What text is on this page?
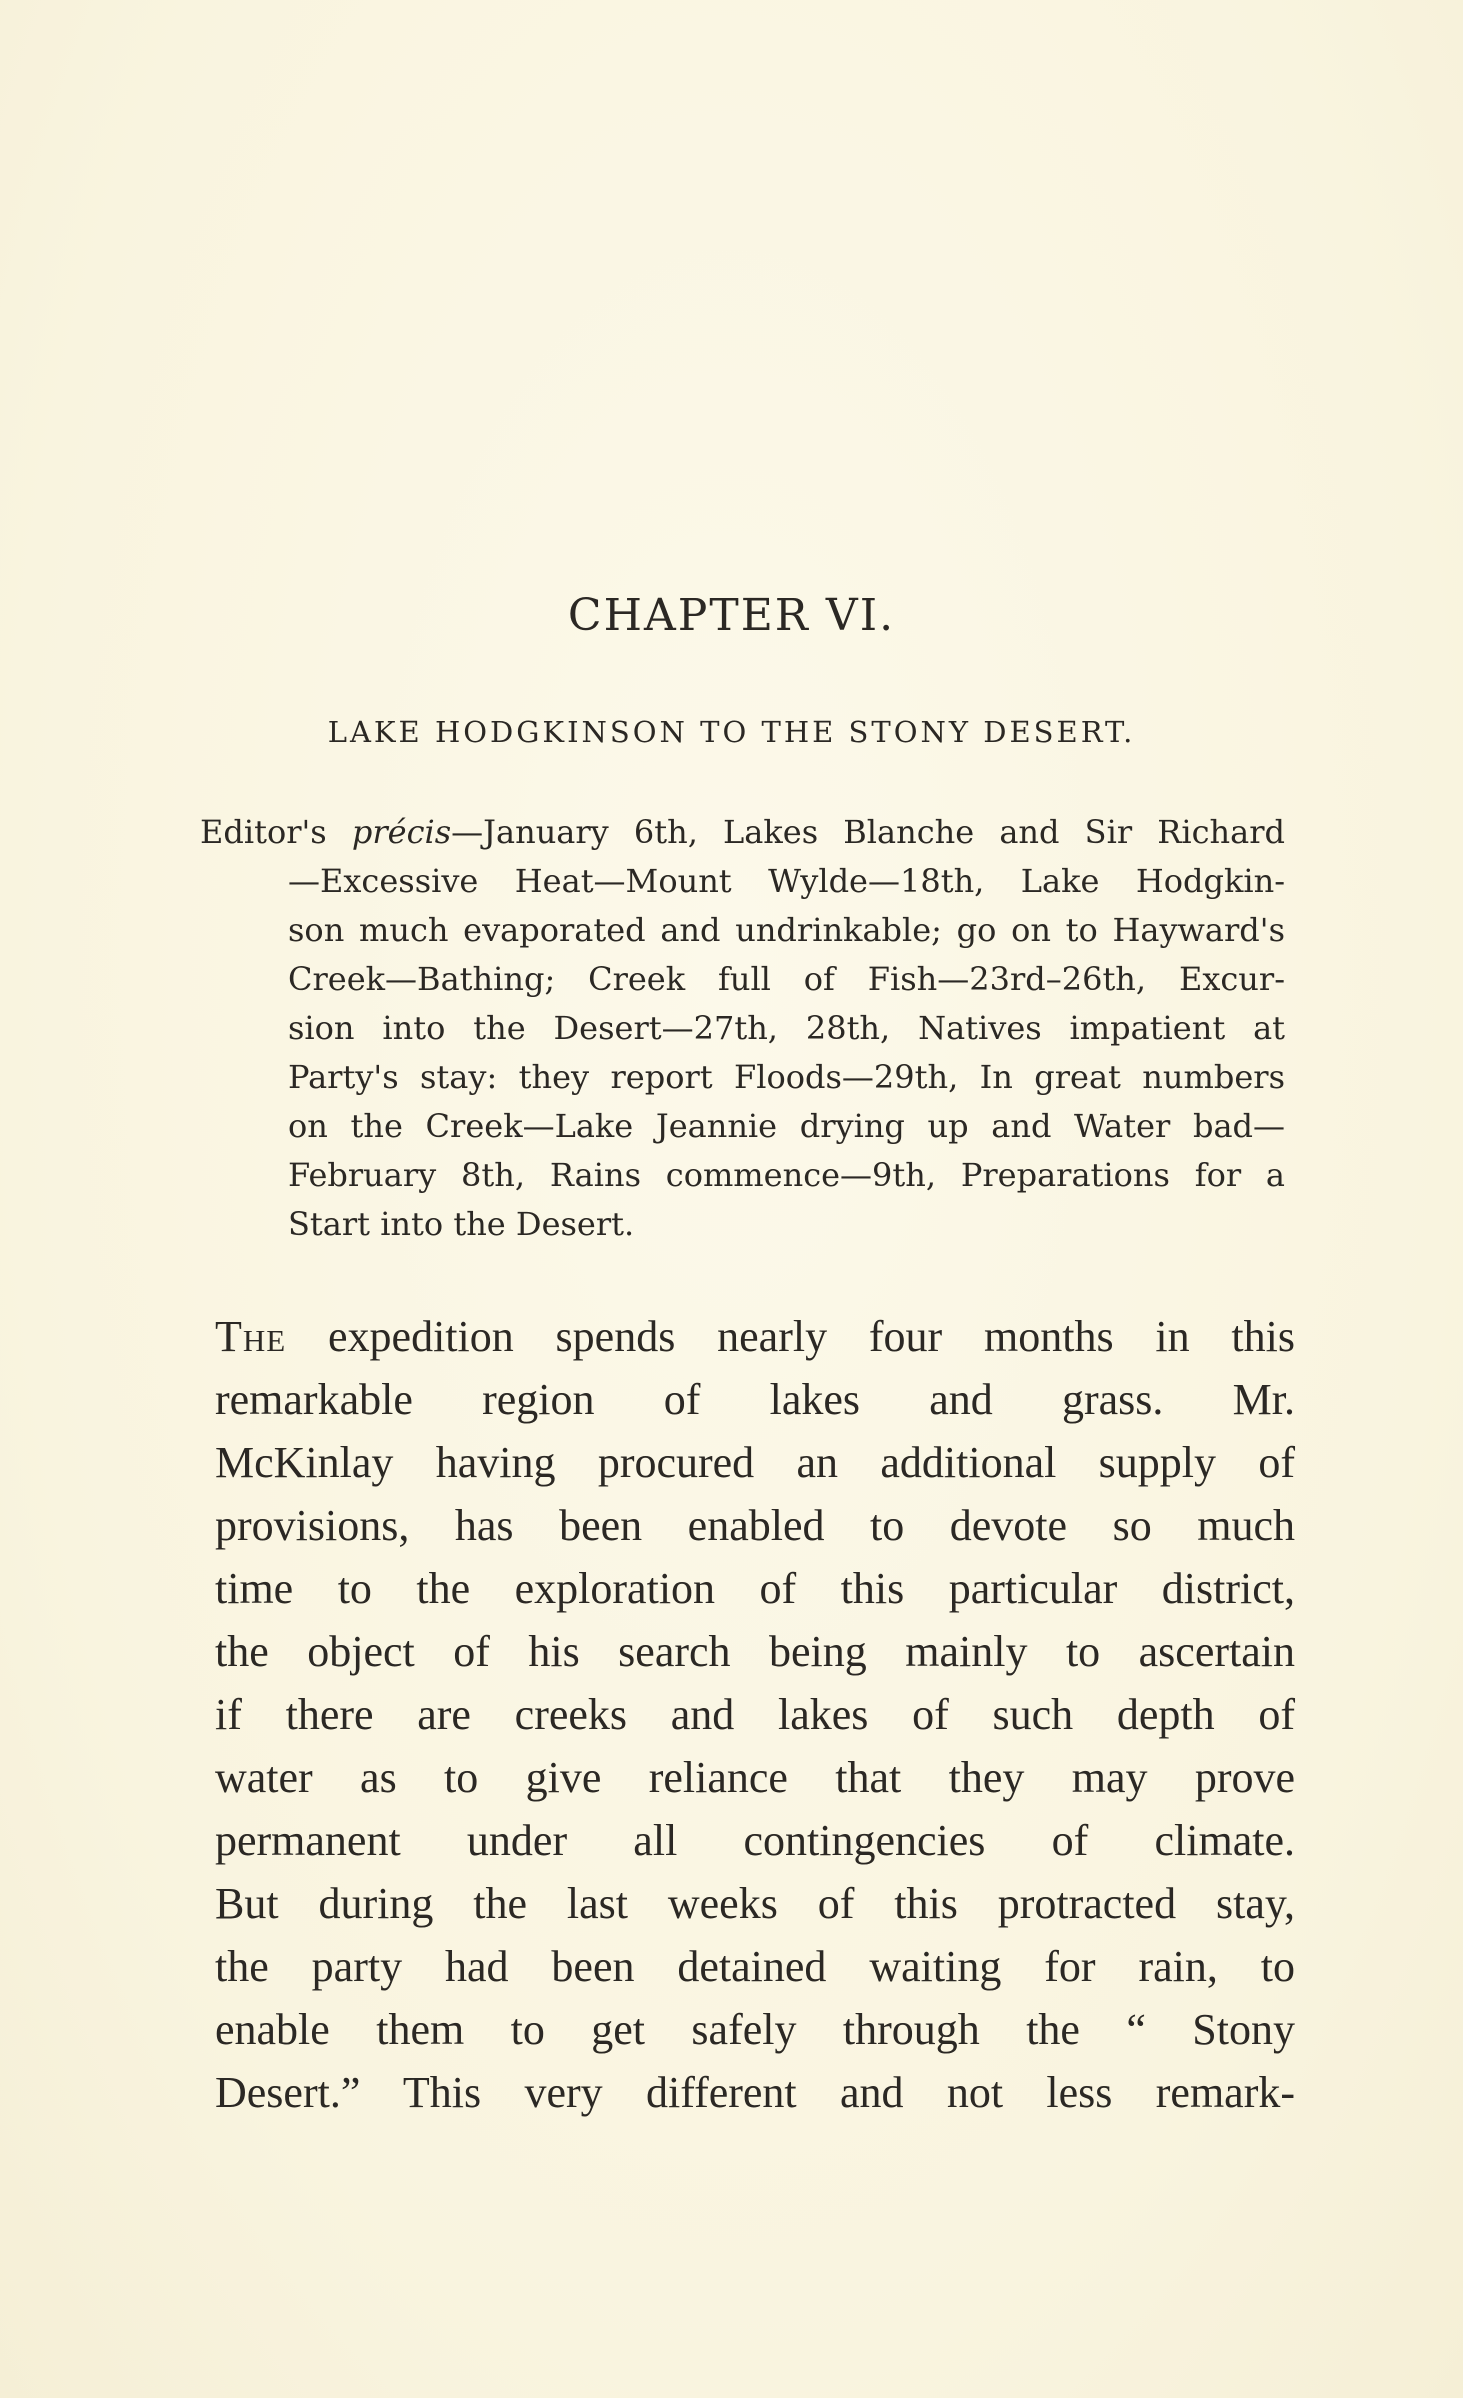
CHAPTER VI.
LAKE HODGKINSON TO THE STONY DESERT.
Editor's précis—January 6th, Lakes Blanche and Sir Richard
—Excessive Heat—Mount Wylde—18th, Lake Hodgkin-
son much evaporated and undrinkable; go on to Hayward's
Creek—Bathing; Creek full of Fish—23rd–26th, Excur-
sion into the Desert—27th, 28th, Natives impatient at
Party's stay: they report Floods—29th, In great numbers
on the Creek—Lake Jeannie drying up and Water bad—
February 8th, Rains commence—9th, Preparations for a
Start into the Desert.
The expedition spends nearly four months in this
remarkable region of lakes and grass. Mr.
McKinlay having procured an additional supply of
provisions, has been enabled to devote so much
time to the exploration of this particular district,
the object of his search being mainly to ascertain
if there are creeks and lakes of such depth of
water as to give reliance that they may prove
permanent under all contingencies of climate.
But during the last weeks of this protracted stay,
the party had been detained waiting for rain, to
enable them to get safely through the “ Stony
Desert.” This very different and not less remark-
